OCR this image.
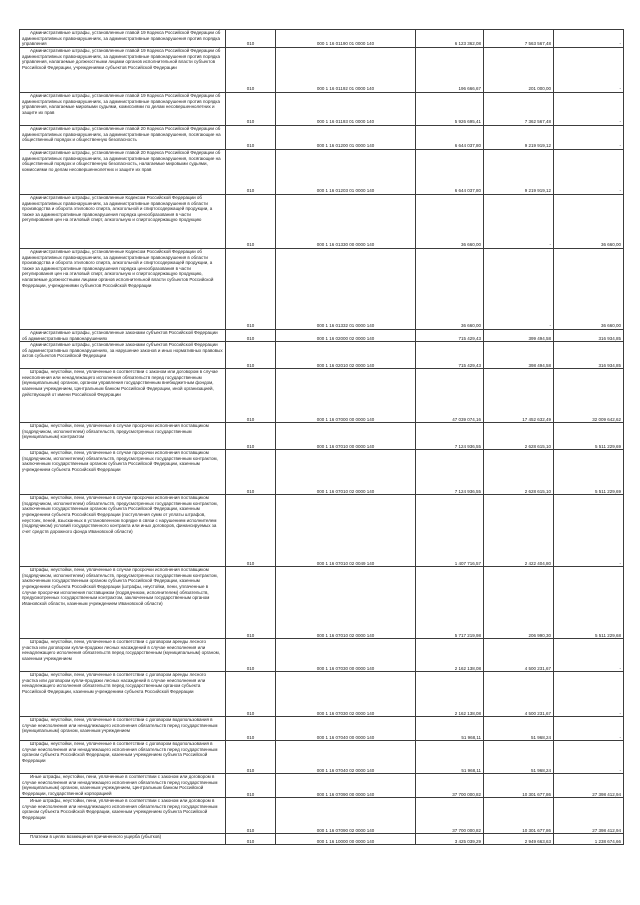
Административные штрафы, установленные главой 19 Кодекса Российской Федерации об административных правонарушениях, за административные правонарушения против порядка управления	010	000 1 16 01190 01 0000 140	6 123 362,08	7 563 567,48	-
Административные штрафы, установленные главой 19 Кодекса Российской Федерации об административных правонарушениях, за административные правонарушения против порядка управления, налагаемые должностными лицами органов исполнительной власти субъектов Российской Федерации, учреждениями субъектов Российской Федерации	010	000 1 16 01192 01 0000 140	196 666,67	201 000,00	-
Административные штрафы, установленные главой 19 Кодекса Российской Федерации об административных правонарушениях, за административные правонарушения против порядка управления, налагаемые мировыми судьями, комиссиями по делам несовершеннолетних и защите их прав	010	000 1 16 01193 01 0000 140	5 926 695,41	7 362 567,48	-
Административные штрафы, установленные главой 20 Кодекса Российской Федерации об административных правонарушениях, за административные правонарушения, посягающие на общественный порядок и общественную безопасность	010	000 1 16 01200 01 0000 140	6 644 037,80	9 219 919,12	-
Административные штрафы, установленные главой 20 Кодекса Российской Федерации об административных правонарушениях, за административные правонарушения, посягающие на общественный порядок и общественную безопасность, налагаемые мировыми судьями, комиссиями по делам несовершеннолетних и защите их прав	010	000 1 16 01203 01 0000 140	6 644 037,80	9 219 919,12	-
Административные штрафы, установленные Кодексом Российской Федерации об административных правонарушениях, за административные правонарушения в области производства и оборота этилового спирта, алкогольной и спиртосодержащей продукции, а также за административные правонарушения порядка ценообразования в части регулирования цен на этиловый спирт, алкогольную и спиртосодержащую продукцию	010	000 1 16 01330 00 0000 140	36 660,00	-	36 660,00
Административные штрафы, установленные Кодексом Российской Федерации об административных правонарушениях, за административные правонарушения в области производства и оборота этилового спирта, алкогольной и спиртосодержащей продукции, а также за административные правонарушения порядка ценообразования в части регулирования цен на этиловый спирт, алкогольную и спиртосодержащую продукцию, налагаемые должностными лицами органов исполнительной власти субъектов Российской Федерации, учреждениями субъектов Российской Федерации	010	000 1 16 01332 01 0000 140	36 660,00	-	36 660,00
Административные штрафы, установленные законами субъектов Российской Федерации об административных правонарушениях	010	000 1 16 02000 02 0000 140	715 429,43	399 494,58	316 934,85
Административные штрафы, установленные законами субъектов Российской Федерации об административных правонарушениях, за нарушение законов и иных нормативных правовых актов субъектов Российской Федерации	010	000 1 16 02010 02 0000 140	715 429,43	398 494,58	316 934,85
Штрафы, неустойки, пени, уплаченные в соответствии с законом или договором в случае неисполнения или ненадлежащего исполнения обязательств перед государственным (муниципальным) органом, органом управления государственным внебюджетным фондом, казенным учреждением, Центральным банком Российской Федерации, иной организацией, действующей от имени Российской Федерации	010	000 1 16 07000 00 0000 140	47 039 074,16	17 452 632,49	32 009 642,62
Штрафы, неустойки, пени, уплаченные в случае просрочки исполнения поставщиком (подрядчиком, исполнителем) обязательств, предусмотренных государственным (муниципальным) контрактом	010	000 1 16 07010 00 0000 140	7 124 936,55	2 628 615,10	5 511 229,69
Штрафы, неустойки, пени, уплаченные в случае просрочки исполнения поставщиком (подрядчиком, исполнителем) обязательств, предусмотренных государственным контрактом, заключенным государственным органом субъекта Российской Федерации, казенным учреждением субъекта Российской Федерации	010	000 1 16 07010 02 0000 140	7 124 936,55	2 628 615,10	5 511 229,69
Штрафы, неустойки, пени, уплаченные в случае просрочки исполнения поставщиком (подрядчиком, исполнителем) обязательств, предусмотренных государственным контрактом, заключенным государственным органом субъекта Российской Федерации, казенным учреждением субъекта Российской Федерации (поступления сумм от уплаты штрафов, неустоек, пеней, взысканных в установленном порядке в связи с нарушением исполнителем (подрядчиком) условий государственного контракта или иных договоров, финансируемых за счет средств дорожного фонда Ивановской области)	010	000 1 16 07010 02 0049 140	1 407 716,57	2 422 404,80	-
Штрафы, неустойки, пени, уплаченные в случае просрочки исполнения поставщиком (подрядчиком, исполнителем) обязательств, предусмотренных государственным контрактом, заключенным государственным органом субъекта Российской Федерации, казенным учреждением субъекта Российской Федерации (штрафы, неустойки, пени, уплаченные в случае просрочки исполнения поставщиком (подрядчиком, исполнителем) обязательств, предусмотренных государственным контрактом, заключенным государственным органом Ивановской области, казенным учреждением Ивановской области)	010	000 1 16 07010 02 0000 140	5 717 219,98	206 990,30	5 511 229,68
Штрафы, неустойки, пени, уплаченные в соответствии с договором аренды лесного участка или договором купли-продажи лесных насаждений в случае неисполнения или ненадлежащего исполнения обязательств перед государственным (муниципальным) органом, казенным учреждением	010	000 1 16 07030 00 0000 140	2 162 138,08	4 500 231,67	-
Штрафы, неустойки, пени, уплаченные в соответствии с договором аренды лесного участка или договором купли-продажи лесных насаждений в случае неисполнения или ненадлежащего исполнения обязательств перед государственным органом субъекта Российской Федерации, казенным учреждением субъекта Российской Федерации	010	000 1 16 07030 02 0000 140	2 162 138,08	4 500 231,67	-
Штрафы, неустойки, пени, уплаченные в соответствии с договором водопользования в случае неисполнения или ненадлежащего исполнения обязательств перед государственным (муниципальным) органом, казенным учреждением	010	000 1 16 07040 00 0000 140	51 968,11	51 968,24	-
Штрафы, неустойки, пени, уплаченные в соответствии с договором водопользования в случае неисполнения или ненадлежащего исполнения обязательств перед государственным органом субъекта Российской Федерации, казенным учреждением субъекта Российской Федерации	010	000 1 16 07040 02 0000 140	51 968,11	51 968,24	-
Иные штрафы, неустойки, пени, уплаченные в соответствии с законом или договором в случае неисполнения или ненадлежащего исполнения обязательств перед государственным (муниципальным) органом, казенным учреждением, Центральным банком Российской Федерации, государственной корпорацией	010	000 1 16 07090 00 0000 140	37 700 000,82	10 301 677,86	27 398 412,94
Иные штрафы, неустойки, пени, уплаченные в соответствии с законом или договором в случае неисполнения или ненадлежащего исполнения обязательств перед государственным органом субъекта Российской Федерации, казенным учреждением субъекта Российской Федерации	010	000 1 16 07090 02 0000 140	37 700 000,82	10 301 677,86	27 398 412,94
Платежи в целях возмещения причиненного ущерба (убытков)	010	000 1 16 10000 00 0000 140	3 425 039,29	2 949 663,63	1 238 674,66
